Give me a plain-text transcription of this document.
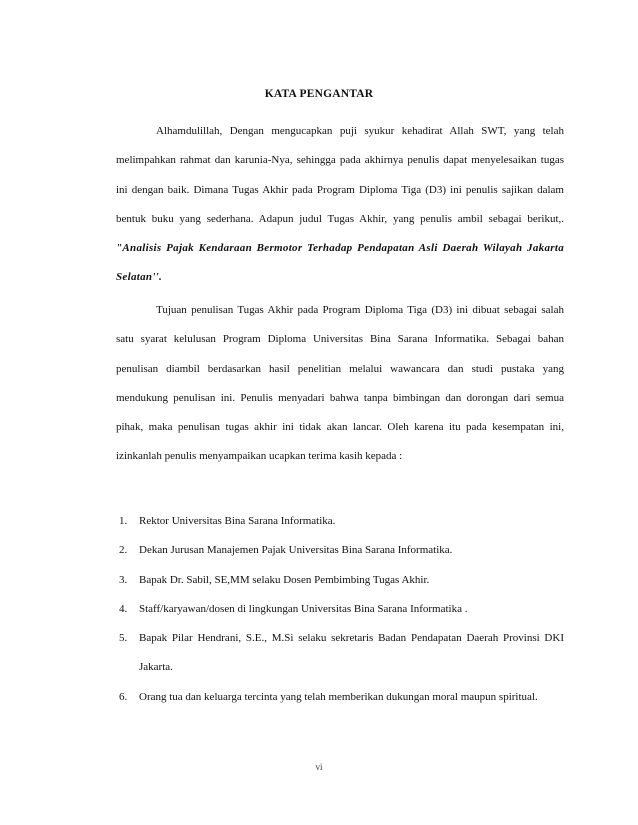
KATA PENGANTAR

Alhamdulillah, Dengan mengucapkan puji syukur kehadirat Allah SWT, yang telah melimpahkan rahmat dan karunia-Nya, sehingga pada akhirnya penulis dapat menyelesaikan tugas ini dengan baik. Dimana Tugas Akhir pada Program Diploma Tiga (D3) ini penulis sajikan dalam bentuk buku yang sederhana. Adapun judul Tugas Akhir, yang penulis ambil sebagai berikut,. "Analisis Pajak Kendaraan Bermotor Terhadap Pendapatan Asli Daerah Wilayah Jakarta Selatan''.

Tujuan penulisan Tugas Akhir pada Program Diploma Tiga (D3) ini dibuat sebagai salah satu syarat kelulusan Program Diploma Universitas Bina Sarana Informatika. Sebagai bahan penulisan diambil berdasarkan hasil penelitian melalui wawancara dan studi pustaka yang mendukung penulisan ini. Penulis menyadari bahwa tanpa bimbingan dan dorongan dari semua pihak, maka penulisan tugas akhir ini tidak akan lancar. Oleh karena itu pada kesempatan ini, izinkanlah penulis menyampaikan ucapkan terima kasih kepada :

1. Rektor Universitas Bina Sarana Informatika.
2. Dekan Jurusan Manajemen Pajak Universitas Bina Sarana Informatika.
3. Bapak Dr. Sabil, SE,MM selaku Dosen Pembimbing Tugas Akhir.
4. Staff/karyawan/dosen di lingkungan Universitas Bina Sarana Informatika .
5. Bapak Pilar Hendrani, S.E., M.Si selaku sekretaris Badan Pendapatan Daerah Provinsi DKI Jakarta.
6. Orang tua dan keluarga tercinta yang telah memberikan dukungan moral maupun spiritual.
vi
